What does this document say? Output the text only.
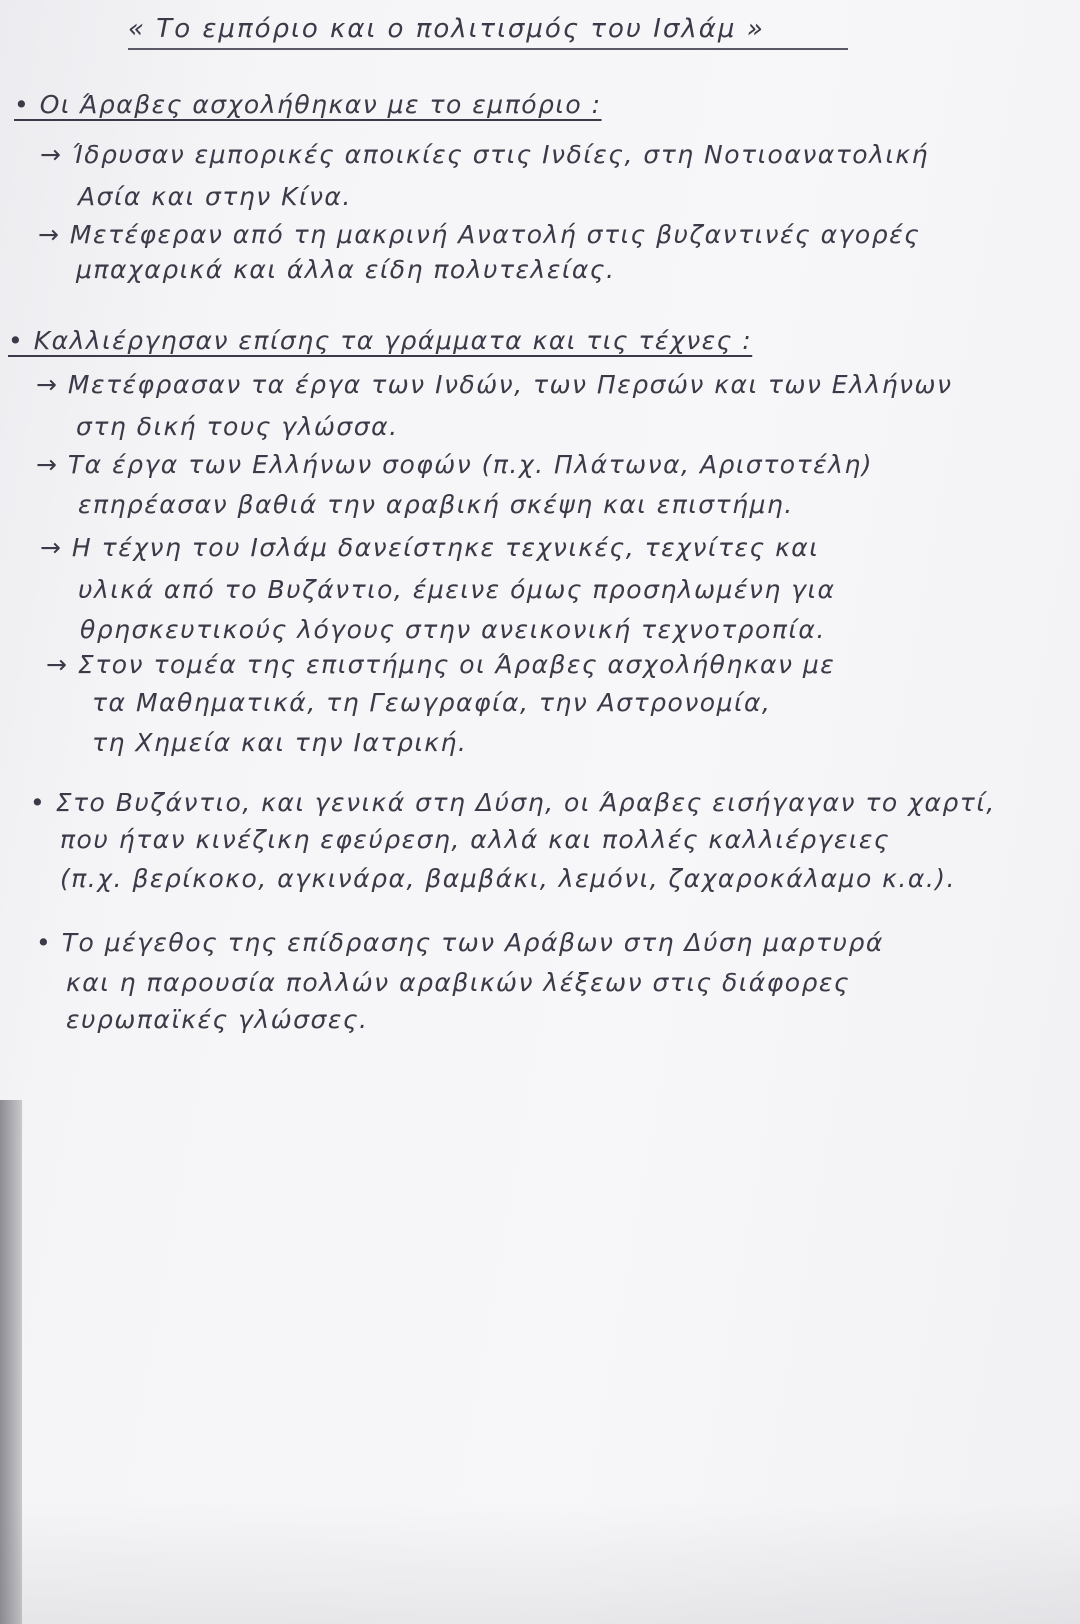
« Το εμπόριο και ο πολιτισμός του Ισλάμ »
• Οι Άραβες ασχολήθηκαν με το εμπόριο :
→ Ίδρυσαν εμπορικές αποικίες στις Ινδίες, στη Νοτιοανατολική
Ασία και στην Κίνα.
→ Μετέφεραν από τη μακρινή Ανατολή στις βυζαντινές αγορές
μπαχαρικά και άλλα είδη πολυτελείας.
• Καλλιέργησαν επίσης τα γράμματα και τις τέχνες :
→ Μετέφρασαν τα έργα των Ινδών, των Περσών και των Ελλήνων
στη δική τους γλώσσα.
→ Τα έργα των Ελλήνων σοφών (π.χ. Πλάτωνα, Αριστοτέλη)
επηρέασαν βαθιά την αραβική σκέψη και επιστήμη.
→ Η τέχνη του Ισλάμ δανείστηκε τεχνικές, τεχνίτες και
υλικά από το Βυζάντιο, έμεινε όμως προσηλωμένη για
θρησκευτικούς λόγους στην ανεικονική τεχνοτροπία.
→ Στον τομέα της επιστήμης οι Άραβες ασχολήθηκαν με
τα Μαθηματικά, τη Γεωγραφία, την Αστρονομία,
τη Χημεία και την Ιατρική.
• Στο Βυζάντιο, και γενικά στη Δύση, οι Άραβες εισήγαγαν το χαρτί,
που ήταν κινέζικη εφεύρεση, αλλά και πολλές καλλιέργειες
(π.χ. βερίκοκο, αγκινάρα, βαμβάκι, λεμόνι, ζαχαροκάλαμο κ.α.).
• Το μέγεθος της επίδρασης των Αράβων στη Δύση μαρτυρά
και η παρουσία πολλών αραβικών λέξεων στις διάφορες
ευρωπαϊκές γλώσσες.
